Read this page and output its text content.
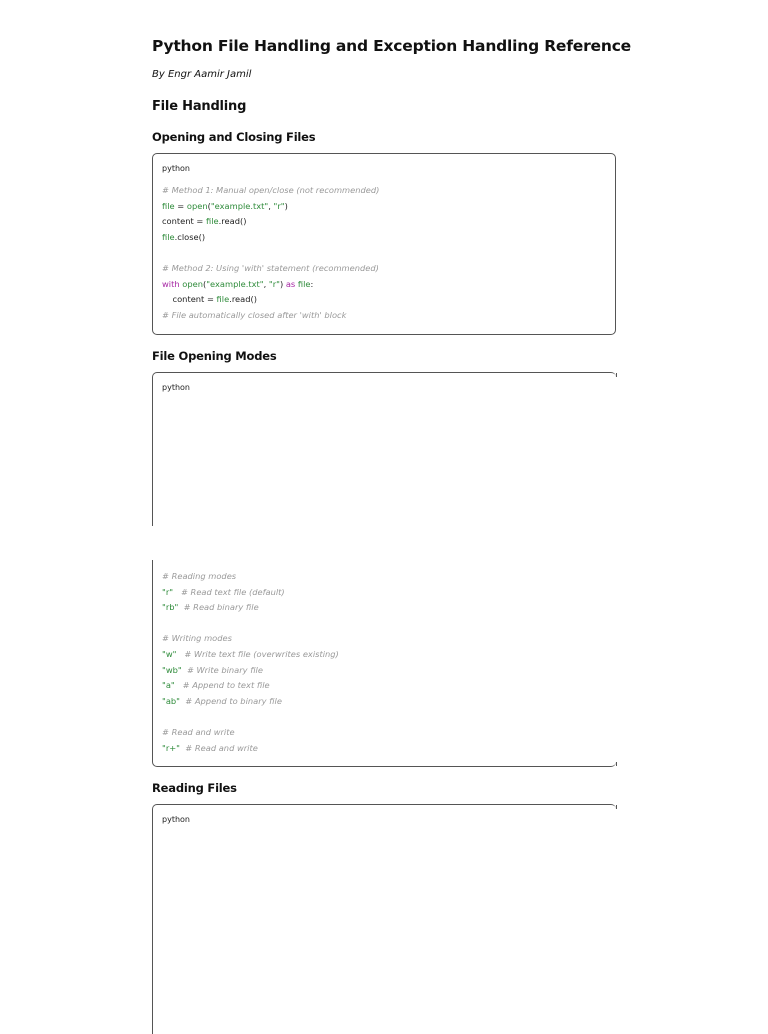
Python File Handling and Exception Handling Reference
By Engr Aamir Jamil
File Handling
Opening and Closing Files
python
# Method 1: Manual open/close (not recommended)
file = open("example.txt", "r")
content = file.read()
file.close()
# Method 2: Using 'with' statement (recommended)
with open("example.txt", "r") as file:
content = file.read()
# File automatically closed after 'with' block
File Opening Modes
python
# Reading modes
"r" # Read text file (default)
"rb" # Read binary file
# Writing modes
"w" # Write text file (overwrites existing)
"wb" # Write binary file
"a" # Append to text file
"ab" # Append to binary file
# Read and write
"r+" # Read and write
Reading Files
python
